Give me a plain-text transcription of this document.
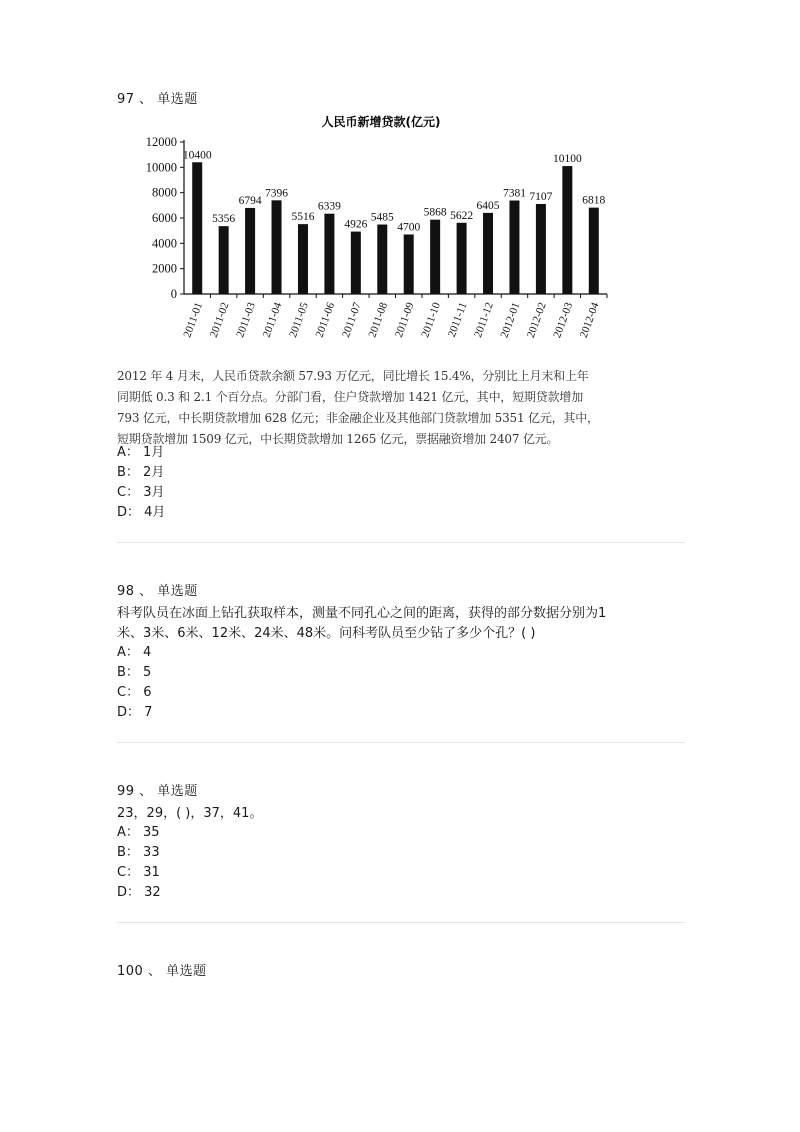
97 、 单选题
人民币新增贷款(亿元)
0
2000
4000
6000
8000
10000
12000
10400
5356
6794
7396
5516
6339
4926
5485
4700
5868 5622
6405
7381 7107
10100
6818
2011-01 2011-02 2011-03 2011-04 2011-05 2011-06 2011-07 2011-08 2011-09 2011-10 2011-11 2011-12 2012-01 2012-02 2012-03 2012-04
2012 年 4 月末，人民币贷款余额 57.93 万亿元，同比增长 15.4%，分别比上月末和上年
同期低 0.3 和 2.1 个百分点。分部门看，住户贷款增加 1421 亿元，其中，短期贷款增加
793 亿元，中长期贷款增加 628 亿元；非金融企业及其他部门贷款增加 5351 亿元，其中，
短期贷款增加 1509 亿元，中长期贷款增加 1265 亿元，票据融资增加 2407 亿元。
A： 1月
B： 2月
C： 3月
D： 4月
98 、 单选题
科考队员在冰面上钻孔获取样本，测量不同孔心之间的距离，获得的部分数据分别为1
米、3米、6米、12米、24米、48米。问科考队员至少钻了多少个孔？( )
A： 4
B： 5
C： 6
D： 7
99 、 单选题
23，29，( )，37，41。
A： 35
B： 33
C： 31
D： 32
100 、 单选题
